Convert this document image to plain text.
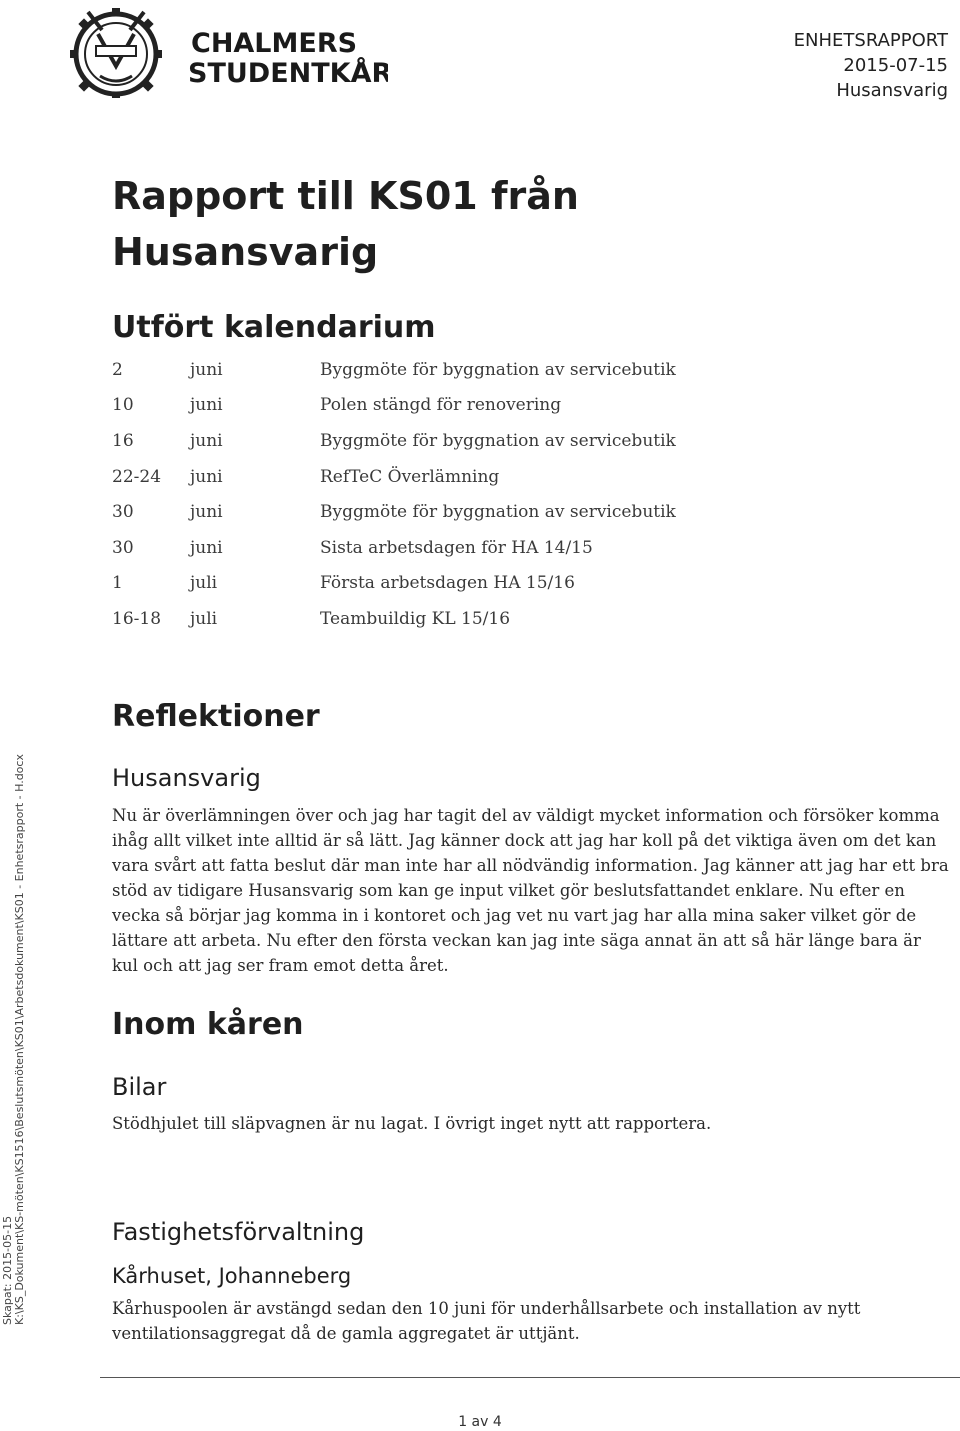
CHALMERS
STUDENTKÅR
ENHETSRAPPORT
2015-07-15
Husansvarig
Rapport till KS01 från
Husansvarig
Utfört kalendarium
2	juni	Byggmöte för byggnation av servicebutik
10	juni	Polen stängd för renovering
16	juni	Byggmöte för byggnation av servicebutik
22-24	juni	RefTeC Överlämning
30	juni	Byggmöte för byggnation av servicebutik
30	juni	Sista arbetsdagen för HA 14/15
1	juli	Första arbetsdagen HA 15/16
16-18	juli	Teambuildig KL 15/16
Reflektioner
Husansvarig

Nu är överlämningen över och jag har tagit del av väldigt mycket information och försöker komma ihåg allt vilket inte alltid är så lätt. Jag känner dock att jag har koll på det viktiga även om det kan vara svårt att fatta beslut där man inte har all nödvändig information. Jag känner att jag har ett bra stöd av tidigare Husansvarig som kan ge input vilket gör beslutsfattandet enklare. Nu efter en vecka så börjar jag komma in i kontoret och jag vet nu vart jag har alla mina saker vilket gör de lättare att arbeta. Nu efter den första veckan kan jag inte säga annat än att så här länge bara är kul och att jag ser fram emot detta året.

Inom kåren
Bilar

Stödhjulet till släpvagnen är nu lagat. I övrigt inget nytt att rapportera.

Fastighetsförvaltning
Kårhuset, Johanneberg

Kårhuspoolen är avstängd sedan den 10 juni för underhållsarbete och installation av nytt ventilationsaggregat då de gamla aggregatet är uttjänt.

Skapat: 2015-05-15 K:\KS_Dokument\KS-möten\KS1516\Beslutsmöten\KS01\Arbetsdokument\KS01 - Enhetsrapport - H.docx
1 av 4
